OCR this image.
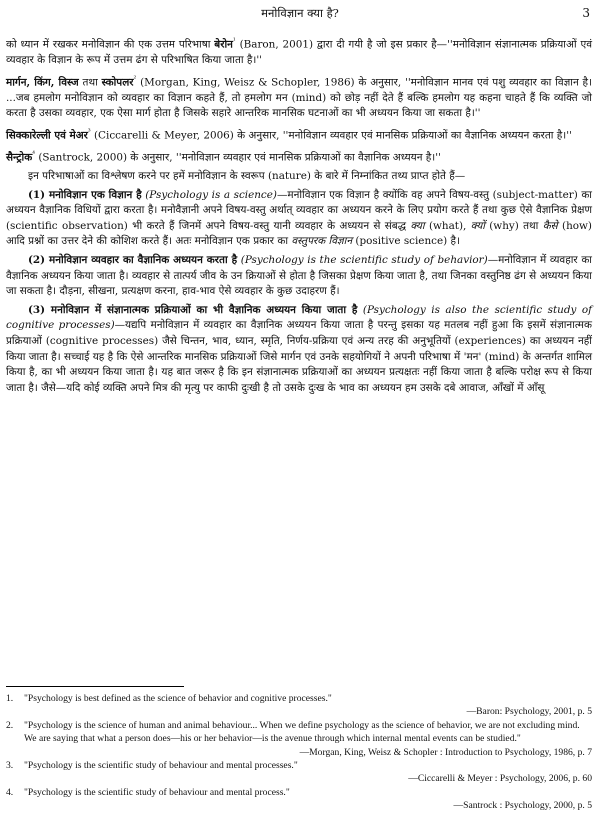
मनोविज्ञान क्या है?	3

को ध्यान में रखकर मनोविज्ञान की एक उत्तम परिभाषा बेरोन$^{^1}$ (Baron, 2001) द्वारा दी गयी है जो इस प्रकार है—''मनोविज्ञान संज्ञानात्मक प्रक्रियाओं एवं व्यवहार के विज्ञान के रूप में उत्तम ढंग से परिभाषित किया जाता है।''

मार्गन, किंग, विस्ज तथा स्कोपलर$^{^2}$ (Morgan, King, Weisz & Schopler, 1986) के अनुसार, ''मनोविज्ञान मानव एवं पशु व्यवहार का विज्ञान है। ...जब हमलोग मनोविज्ञान को व्यवहार का विज्ञान कहते हैं, तो हमलोग मन (mind) को छोड़ नहीं देते हैं बल्कि हमलोग यह कहना चाहते हैं कि व्यक्ति जो करता है उसका व्यवहार, एक ऐसा मार्ग होता है जिसके सहारे आन्तरिक मानसिक घटनाओं का भी अध्ययन किया जा सकता है।''

सिक्कारेल्ली एवं मेअर$^{^3}$ (Ciccarelli & Meyer, 2006) के अनुसार, ''मनोविज्ञान व्यवहार एवं मानसिक प्रक्रियाओं का वैज्ञानिक अध्ययन करता है।''

सैन्ट्रोक$^{^4}$ (Santrock, 2000) के अनुसार, ''मनोविज्ञान व्यवहार एवं मानसिक प्रक्रियाओं का वैज्ञानिक अध्ययन है।''

इन परिभाषाओं का विश्लेषण करने पर हमें मनोविज्ञान के स्वरूप (nature) के बारे में निम्नांकित तथ्य प्राप्त होते हैं—

(1) मनोविज्ञान एक विज्ञान है (Psychology is a science)—मनोविज्ञान एक विज्ञान है क्योंकि वह अपने विषय-वस्तु (subject-matter) का अध्ययन वैज्ञानिक विधियों द्वारा करता है। मनोवैज्ञानी अपने विषय-वस्तु अर्थात् व्यवहार का अध्ययन करने के लिए प्रयोग करते हैं तथा कुछ ऐसे वैज्ञानिक प्रेक्षण (scientific observation) भी करते हैं जिनमें अपने विषय-वस्तु यानी व्यवहार के अध्ययन से संबद्ध क्या (what), क्यों (why) तथा कैसे (how) आदि प्रश्नों का उत्तर देने की कोशिश करते हैं। अतः मनोविज्ञान एक प्रकार का वस्तुपरक विज्ञान (positive science) है।

(2) मनोविज्ञान व्यवहार का वैज्ञानिक अध्ययन करता है (Psychology is the scientific study of behavior)—मनोविज्ञान में व्यवहार का वैज्ञानिक अध्ययन किया जाता है। व्यवहार से तात्पर्य जीव के उन क्रियाओं से होता है जिसका प्रेक्षण किया जाता है, तथा जिनका वस्तुनिष्ठ ढंग से अध्ययन किया जा सकता है। दौड़ना, सीखना, प्रत्यक्षण करना, हाव-भाव ऐसे व्यवहार के कुछ उदाहरण हैं।

(3) मनोविज्ञान में संज्ञानात्मक प्रक्रियाओं का भी वैज्ञानिक अध्ययन किया जाता है (Psychology is also the scientific study of cognitive processes)—यद्यपि मनोविज्ञान में व्यवहार का वैज्ञानिक अध्ययन किया जाता है परन्तु इसका यह मतलब नहीं हुआ कि इसमें संज्ञानात्मक प्रक्रियाओं (cognitive processes) जैसे चिन्तन, भाव, ध्यान, स्मृति, निर्णय-प्रक्रिया एवं अन्य तरह की अनुभूतियों (experiences) का अध्ययन नहीं किया जाता है। सच्चाई यह है कि ऐसे आन्तरिक मानसिक प्रक्रियाओं जिसे मार्गन एवं उनके सहयोगियों ने अपनी परिभाषा में 'मन' (mind) के अन्तर्गत शामिल किया है, का भी अध्ययन किया जाता है। यह बात जरूर है कि इन संज्ञानात्मक प्रक्रियाओं का अध्ययन प्रत्यक्षतः नहीं किया जाता है बल्कि परोक्ष रूप से किया जाता है। जैसे—यदि कोई व्यक्ति अपने मित्र की मृत्यु पर काफी दुःखी है तो उसके दुःख के भाव का अध्ययन हम उसके दबे आवाज, आँखों में आँसू

1.	"Psychology is best defined as the science of behavior and cognitive processes."
—Baron: Psychology, 2001, p. 5
2.	"Psychology is the science of human and animal behaviour... When we define psychology as the science of behavior, we are not excluding mind. We are saying that what a person does—his or her behavior—is the avenue through which internal mental events can be studied."
—Morgan, King, Weisz & Schopler : Introduction to Psychology, 1986, p. 7
3.	"Psychology is the scientific study of behaviour and mental processes."
—Ciccarelli & Meyer : Psychology, 2006, p. 60
4.	"Psychology is the scientific study of behaviour and mental process."
—Santrock : Psychology, 2000, p. 5
